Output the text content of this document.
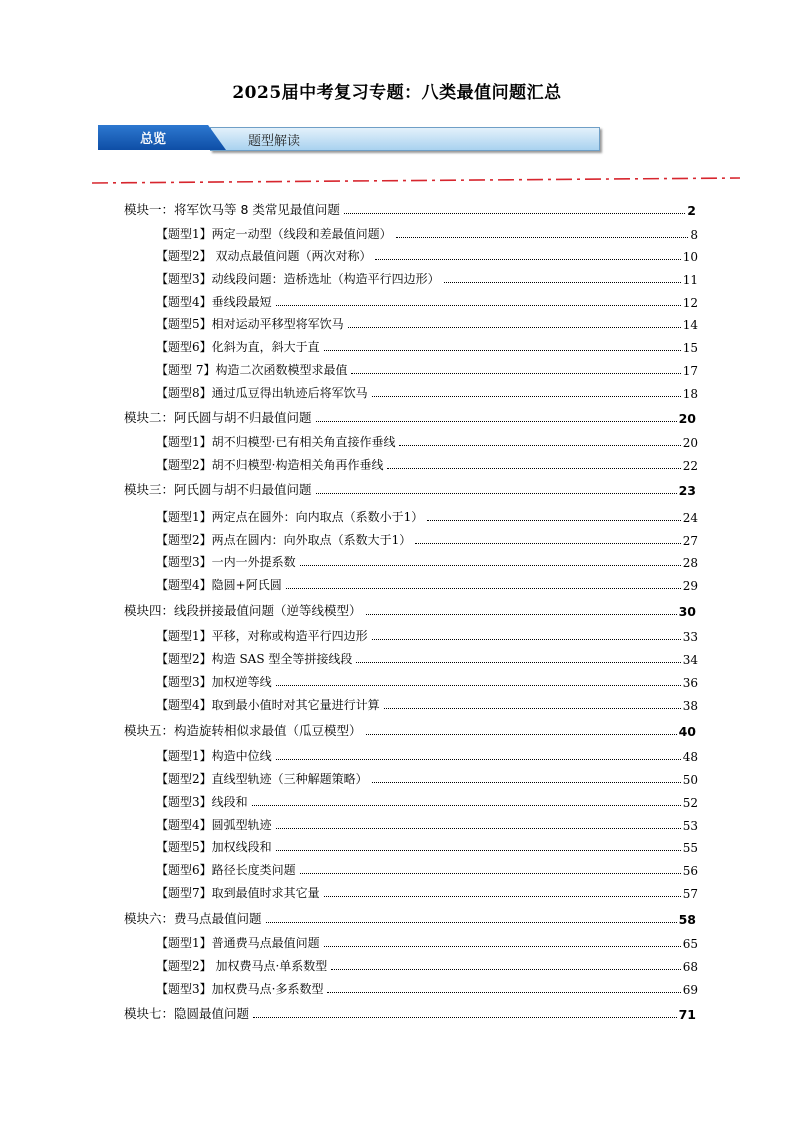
2025届中考复习专题：八类最值问题汇总
总览	题型解读
模块一：将军饮马等 8 类常见最值问题	2
【题型1】两定一动型（线段和差最值问题）	8
【题型2】 双动点最值问题（两次对称）	10
【题型3】动线段问题：造桥选址（构造平行四边形）	11
【题型4】垂线段最短	12
【题型5】相对运动平移型将军饮马	14
【题型6】化斜为直，斜大于直	15
【题型 7】构造二次函数模型求最值	17
【题型8】通过瓜豆得出轨迹后将军饮马	18
模块二：阿氏圆与胡不归最值问题	20
【题型1】胡不归模型·已有相关角直接作垂线	20
【题型2】胡不归模型·构造相关角再作垂线	22
模块三：阿氏圆与胡不归最值问题	23
【题型1】两定点在圆外：向内取点（系数小于1）	24
【题型2】两点在圆内：向外取点（系数大于1）	27
【题型3】一内一外提系数	28
【题型4】隐圆+阿氏圆	29
模块四：线段拼接最值问题（逆等线模型）	30
【题型1】平移，对称或构造平行四边形	33
【题型2】构造 SAS 型全等拼接线段	34
【题型3】加权逆等线	36
【题型4】取到最小值时对其它量进行计算	38
模块五：构造旋转相似求最值（瓜豆模型）	40
【题型1】构造中位线	48
【题型2】直线型轨迹（三种解题策略）	50
【题型3】线段和	52
【题型4】圆弧型轨迹	53
【题型5】加权线段和	55
【题型6】路径长度类问题	56
【题型7】取到最值时求其它量	57
模块六：费马点最值问题	58
【题型1】普通费马点最值问题	65
【题型2】 加权费马点·单系数型	68
【题型3】加权费马点·多系数型	69
模块七：隐圆最值问题	71
